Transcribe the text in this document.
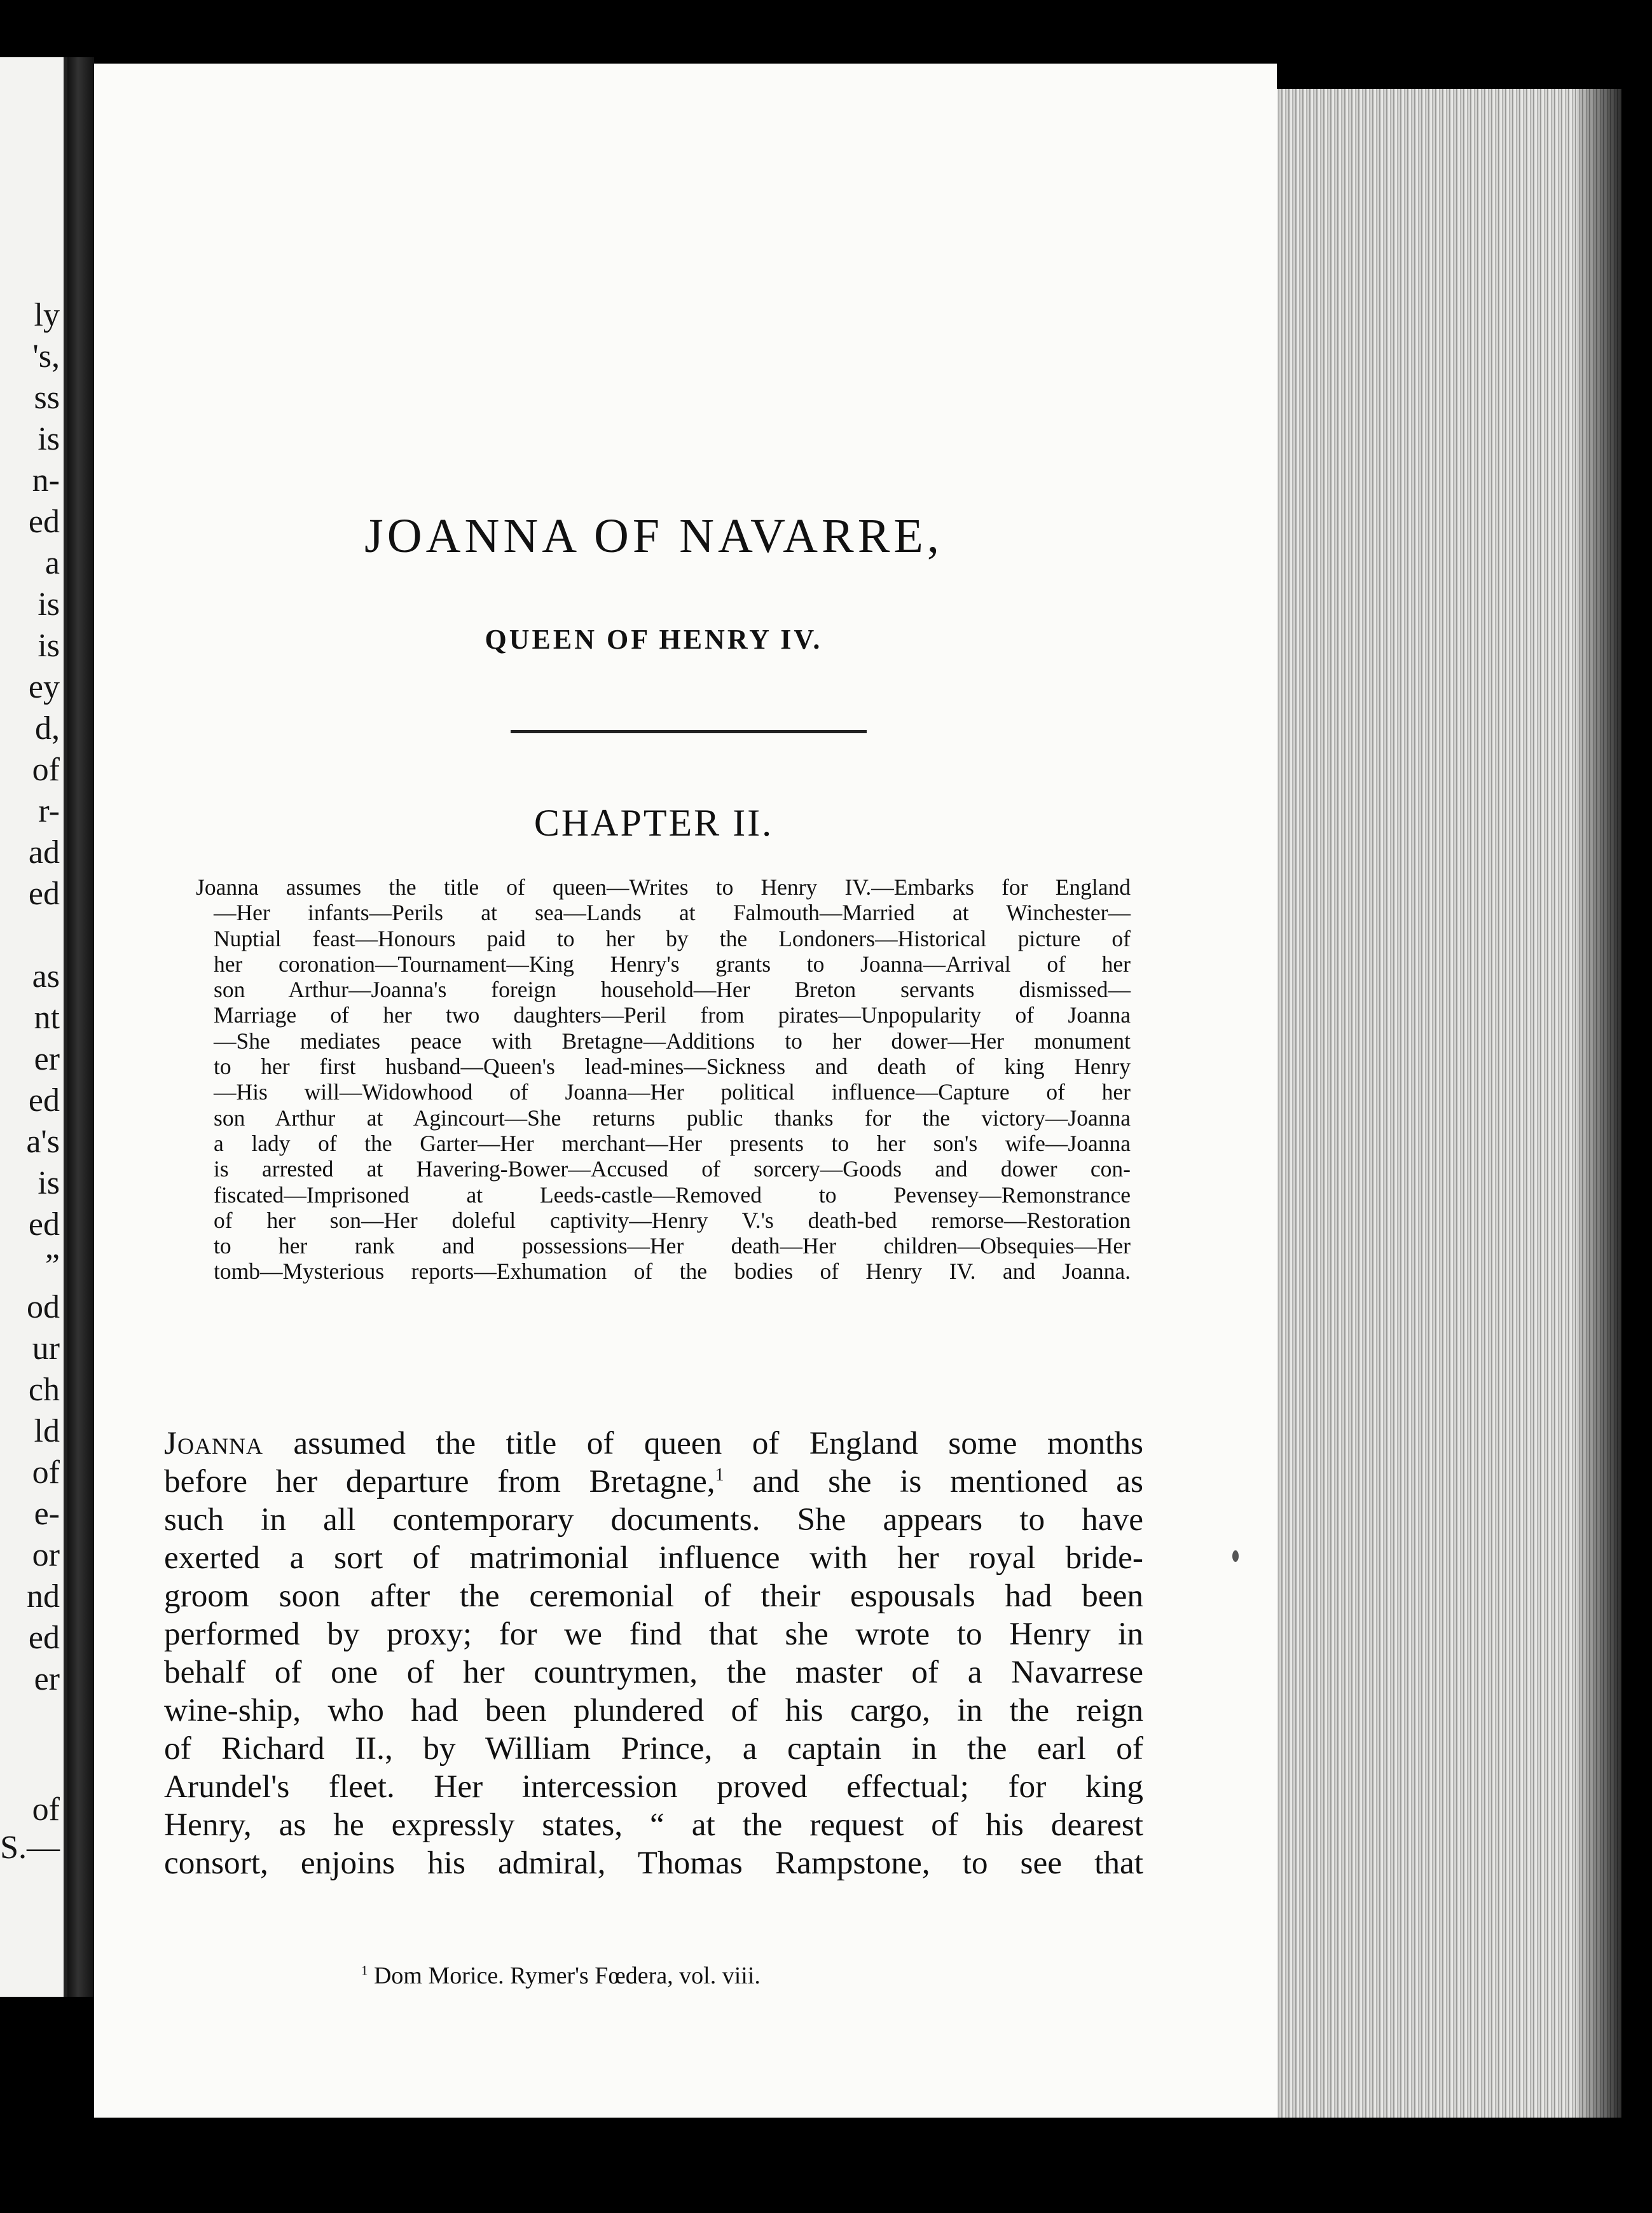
ly
's,
ss
is
n-
ed
a
is
is
ey
d,
of
r-
ad
ed
as
nt
er
ed
a's
is
ed
”
od
ur
ch
ld
of
e-
or
nd
ed
er
of
S.—
JOANNA OF NAVARRE,
QUEEN OF HENRY IV.
CHAPTER II.
Joanna assumes the title of queen—Writes to Henry IV.—Embarks for England
—Her infants—Perils at sea—Lands at Falmouth—Married at Winchester—
Nuptial feast—Honours paid to her by the Londoners—Historical picture of
her coronation—Tournament—King Henry's grants to Joanna—Arrival of her
son Arthur—Joanna's foreign household—Her Breton servants dismissed—
Marriage of her two daughters—Peril from pirates—Unpopularity of Joanna
—She mediates peace with Bretagne—Additions to her dower—Her monument
to her first husband—Queen's lead-mines—Sickness and death of king Henry
—His will—Widowhood of Joanna—Her political influence—Capture of her
son Arthur at Agincourt—She returns public thanks for the victory—Joanna
a lady of the Garter—Her merchant—Her presents to her son's wife—Joanna
is arrested at Havering-Bower—Accused of sorcery—Goods and dower con-
fiscated—Imprisoned at Leeds-castle—Removed to Pevensey—Remonstrance
of her son—Her doleful captivity—Henry V.'s death-bed remorse—Restoration
to her rank and possessions—Her death—Her children—Obsequies—Her
tomb—Mysterious reports—Exhumation of the bodies of Henry IV. and Joanna.
Joanna assumed the title of queen of England some months
before her departure from Bretagne,$^1$ and she is mentioned as
such in all contemporary documents. She appears to have
exerted a sort of matrimonial influence with her royal bride-
groom soon after the ceremonial of their espousals had been
performed by proxy; for we find that she wrote to Henry in
behalf of one of her countrymen, the master of a Navarrese
wine-ship, who had been plundered of his cargo, in the reign
of Richard II., by William Prince, a captain in the earl of
Arundel's fleet. Her intercession proved effectual; for king
Henry, as he expressly states, “ at the request of his dearest
consort, enjoins his admiral, Thomas Rampstone, to see that
$^1$ Dom Morice. Rymer's Fœdera, vol. viii.
